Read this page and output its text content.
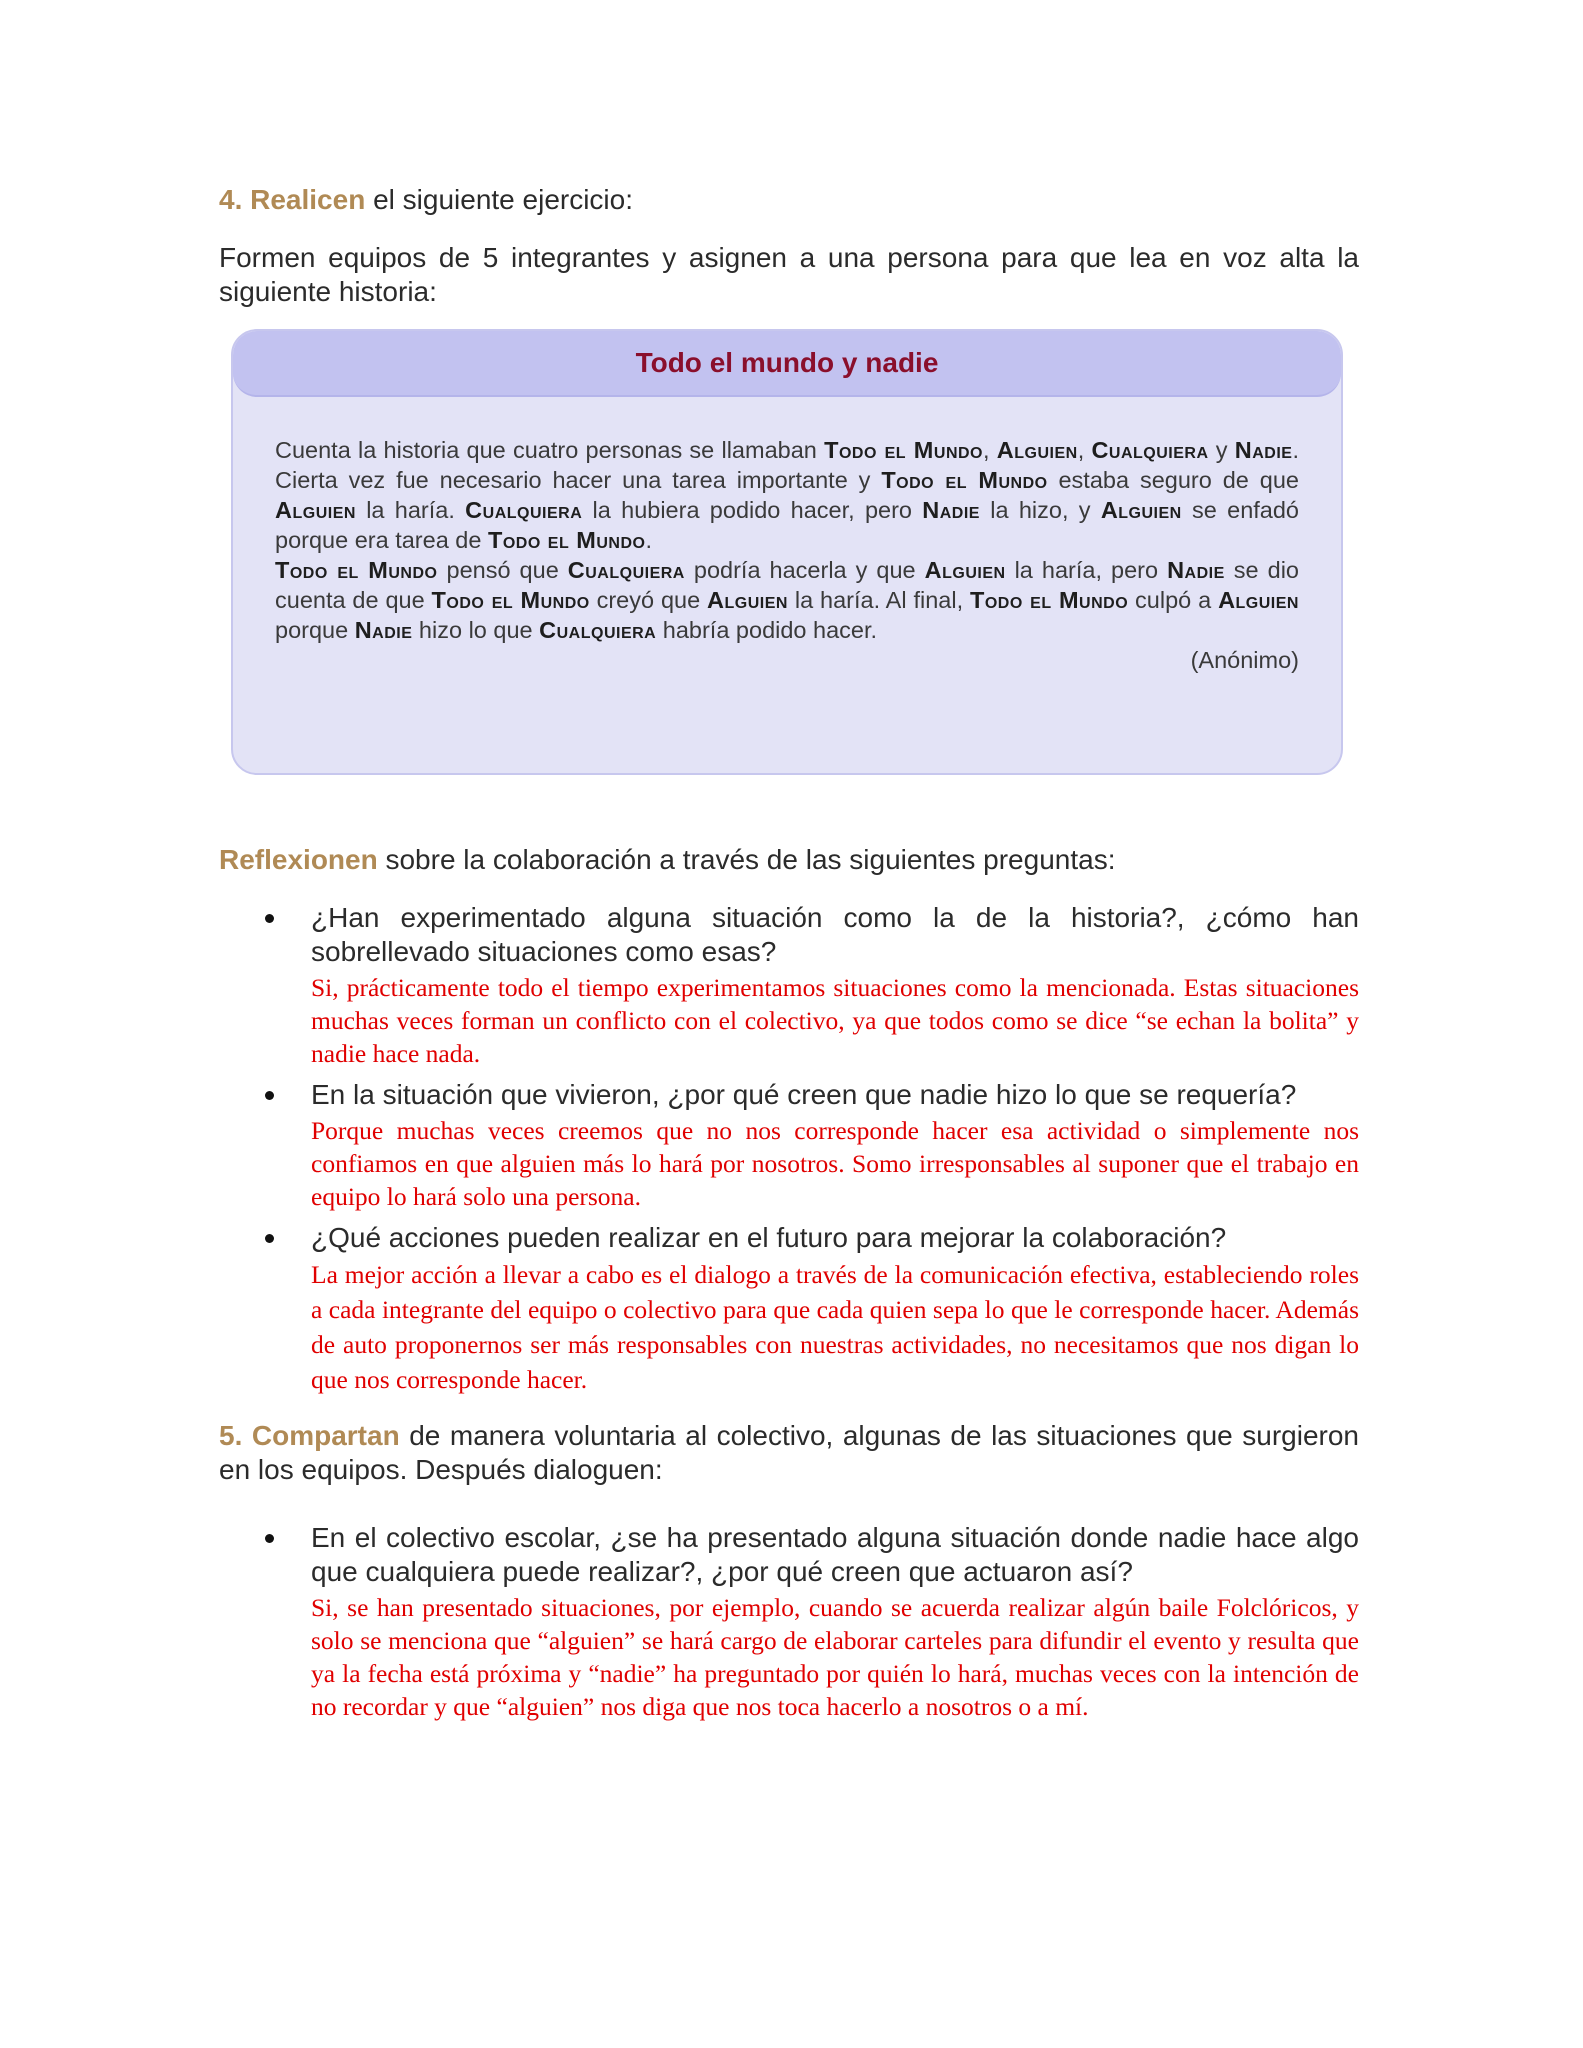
4. Realicen el siguiente ejercicio:

Formen equipos de 5 integrantes y asignen a una persona para que lea en voz alta la siguiente historia:

Todo el mundo y nadie

Cuenta la historia que cuatro personas se llamaban Todo el Mundo, Alguien, Cualquiera y Nadie. Cierta vez fue necesario hacer una tarea importante y Todo el Mundo estaba seguro de que Alguien la haría. Cualquiera la hubiera podido hacer, pero Nadie la hizo, y Alguien se enfadó porque era tarea de Todo el Mundo.

Todo el Mundo pensó que Cualquiera podría hacerla y que Alguien la haría, pero Nadie se dio cuenta de que Todo el Mundo creyó que Alguien la haría. Al final, Todo el Mundo culpó a Alguien porque Nadie hizo lo que Cualquiera habría podido hacer.

(Anónimo)

Reflexionen sobre la colaboración a través de las siguientes preguntas:

¿Han experimentado alguna situación como la de la historia?, ¿cómo han sobrellevado situaciones como esas?
Si, prácticamente todo el tiempo experimentamos situaciones como la mencionada. Estas situaciones muchas veces forman un conflicto con el colectivo, ya que todos como se dice “se echan la bolita” y nadie hace nada.
En la situación que vivieron, ¿por qué creen que nadie hizo lo que se requería?
Porque muchas veces creemos que no nos corresponde hacer esa actividad o simplemente nos confiamos en que alguien más lo hará por nosotros. Somo irresponsables al suponer que el trabajo en equipo lo hará solo una persona.
¿Qué acciones pueden realizar en el futuro para mejorar la colaboración?
La mejor acción a llevar a cabo es el dialogo a través de la comunicación efectiva, estableciendo roles a cada integrante del equipo o colectivo para que cada quien sepa lo que le corresponde hacer. Además de auto proponernos ser más responsables con nuestras actividades, no necesitamos que nos digan lo que nos corresponde hacer.

5. Compartan de manera voluntaria al colectivo, algunas de las situaciones que surgieron en los equipos. Después dialoguen:

En el colectivo escolar, ¿se ha presentado alguna situación donde nadie hace algo que cualquiera puede realizar?, ¿por qué creen que actuaron así?
Si, se han presentado situaciones, por ejemplo, cuando se acuerda realizar algún baile Folclóricos, y solo se menciona que “alguien” se hará cargo de elaborar carteles para difundir el evento y resulta que ya la fecha está próxima y “nadie” ha preguntado por quién lo hará, muchas veces con la intención de no recordar y que “alguien” nos diga que nos toca hacerlo a nosotros o a mí.
